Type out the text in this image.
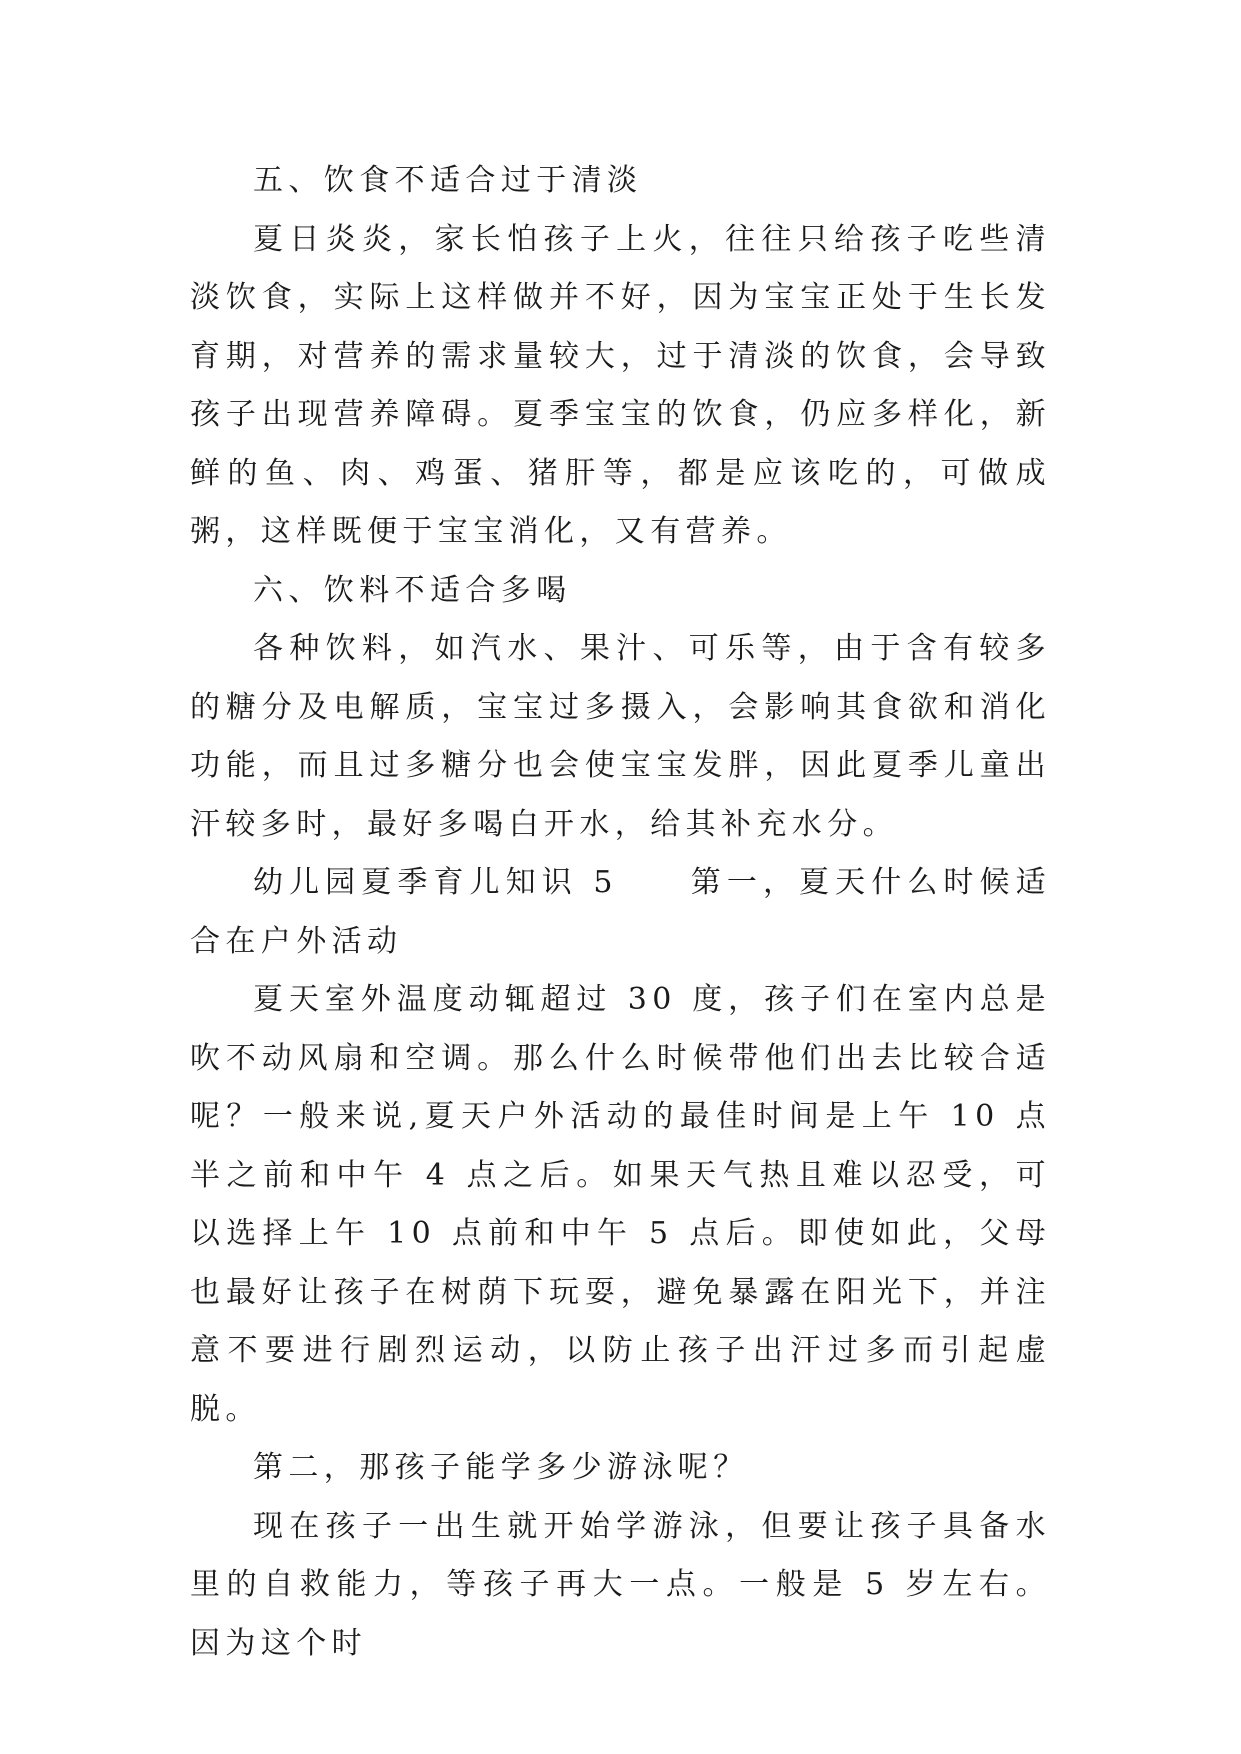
五、饮食不适合过于清淡

夏日炎炎，家长怕孩子上火，往往只给孩子吃些清淡饮食，实际上这样做并不好，因为宝宝正处于生长发育期，对营养的需求量较大，过于清淡的饮食，会导致孩子出现营养障碍。夏季宝宝的饮食，仍应多样化，新鲜的鱼、肉、鸡蛋、猪肝等，都是应该吃的，可做成粥，这样既便于宝宝消化，又有营养。

六、饮料不适合多喝

各种饮料，如汽水、果汁、可乐等，由于含有较多的糖分及电解质，宝宝过多摄入，会影响其食欲和消化功能，而且过多糖分也会使宝宝发胖，因此夏季儿童出汗较多时，最好多喝白开水，给其补充水分。

幼儿园夏季育儿知识 5　　第一，夏天什么时候适合在户外活动

夏天室外温度动辄超过 30 度，孩子们在室内总是吹不动风扇和空调。那么什么时候带他们出去比较合适呢？一般来说,夏天户外活动的最佳时间是上午 10 点半之前和中午 4 点之后。如果天气热且难以忍受，可以选择上午 10 点前和中午 5 点后。即使如此，父母也最好让孩子在树荫下玩耍，避免暴露在阳光下，并注意不要进行剧烈运动，以防止孩子出汗过多而引起虚脱。

第二，那孩子能学多少游泳呢？

现在孩子一出生就开始学游泳，但要让孩子具备水里的自救能力，等孩子再大一点。一般是 5 岁左右。因为这个时
